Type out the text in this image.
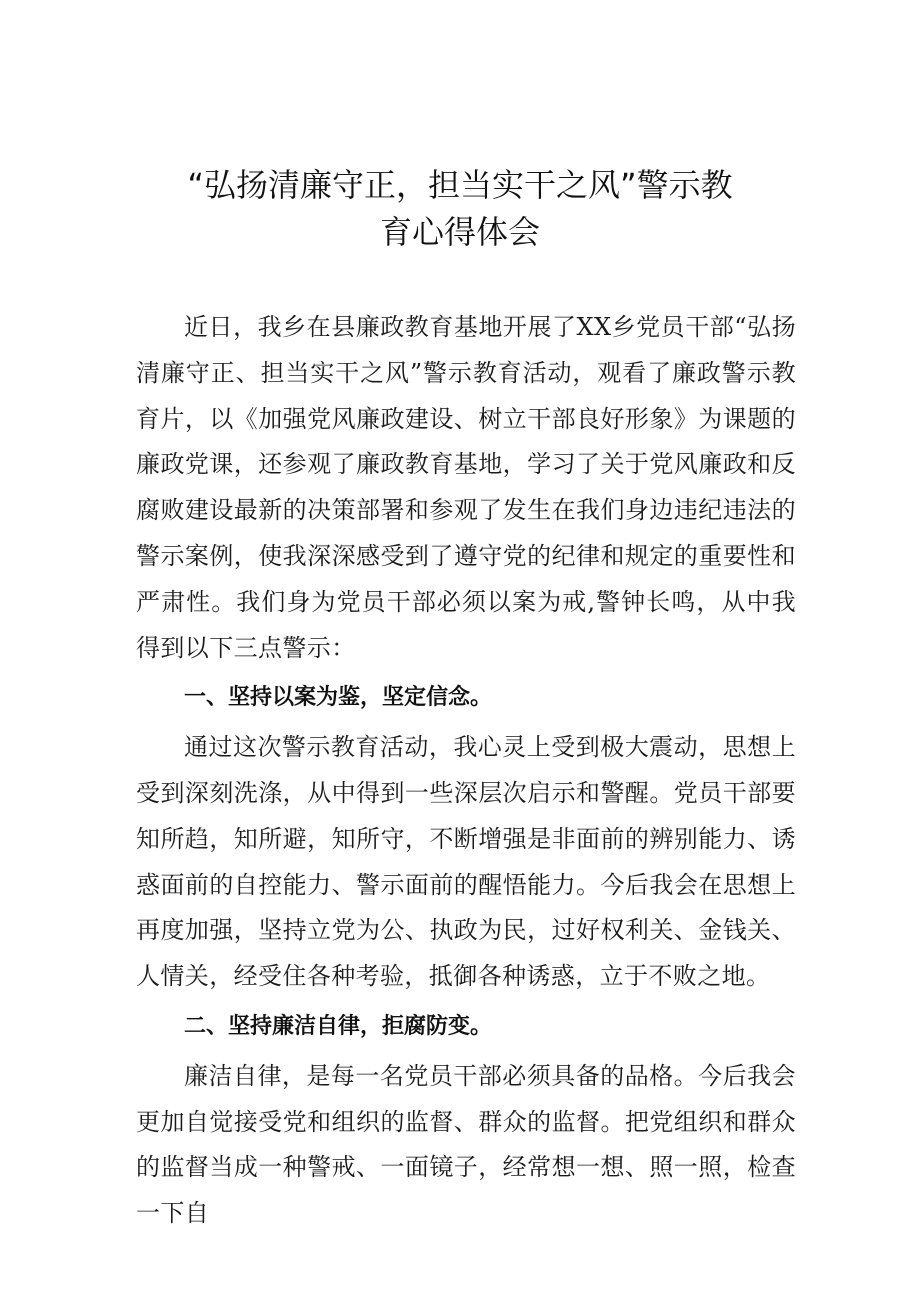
“弘扬清廉守正，担当实干之风”警示教
育心得体会

近日，我乡在县廉政教育基地开展了XX乡党员干部“弘扬清廉守正、担当实干之风”警示教育活动，观看了廉政警示教育片，以《加强党风廉政建设、树立干部良好形象》为课题的廉政党课，还参观了廉政教育基地，学习了关于党风廉政和反腐败建设最新的决策部署和参观了发生在我们身边违纪违法的警示案例，使我深深感受到了遵守党的纪律和规定的重要性和严肃性。我们身为党员干部必须以案为戒,警钟长鸣，从中我得到以下三点警示：

一、坚持以案为鉴，坚定信念。

通过这次警示教育活动，我心灵上受到极大震动，思想上受到深刻洗涤，从中得到一些深层次启示和警醒。党员干部要知所趋，知所避，知所守，不断增强是非面前的辨别能力、诱惑面前的自控能力、警示面前的醒悟能力。今后我会在思想上再度加强，坚持立党为公、执政为民，过好权利关、金钱关、人情关，经受住各种考验，抵御各种诱惑，立于不败之地。

二、坚持廉洁自律，拒腐防变。

廉洁自律，是每一名党员干部必须具备的品格。今后我会更加自觉接受党和组织的监督、群众的监督。把党组织和群众的监督当成一种警戒、一面镜子，经常想一想、照一照，检查一下自
